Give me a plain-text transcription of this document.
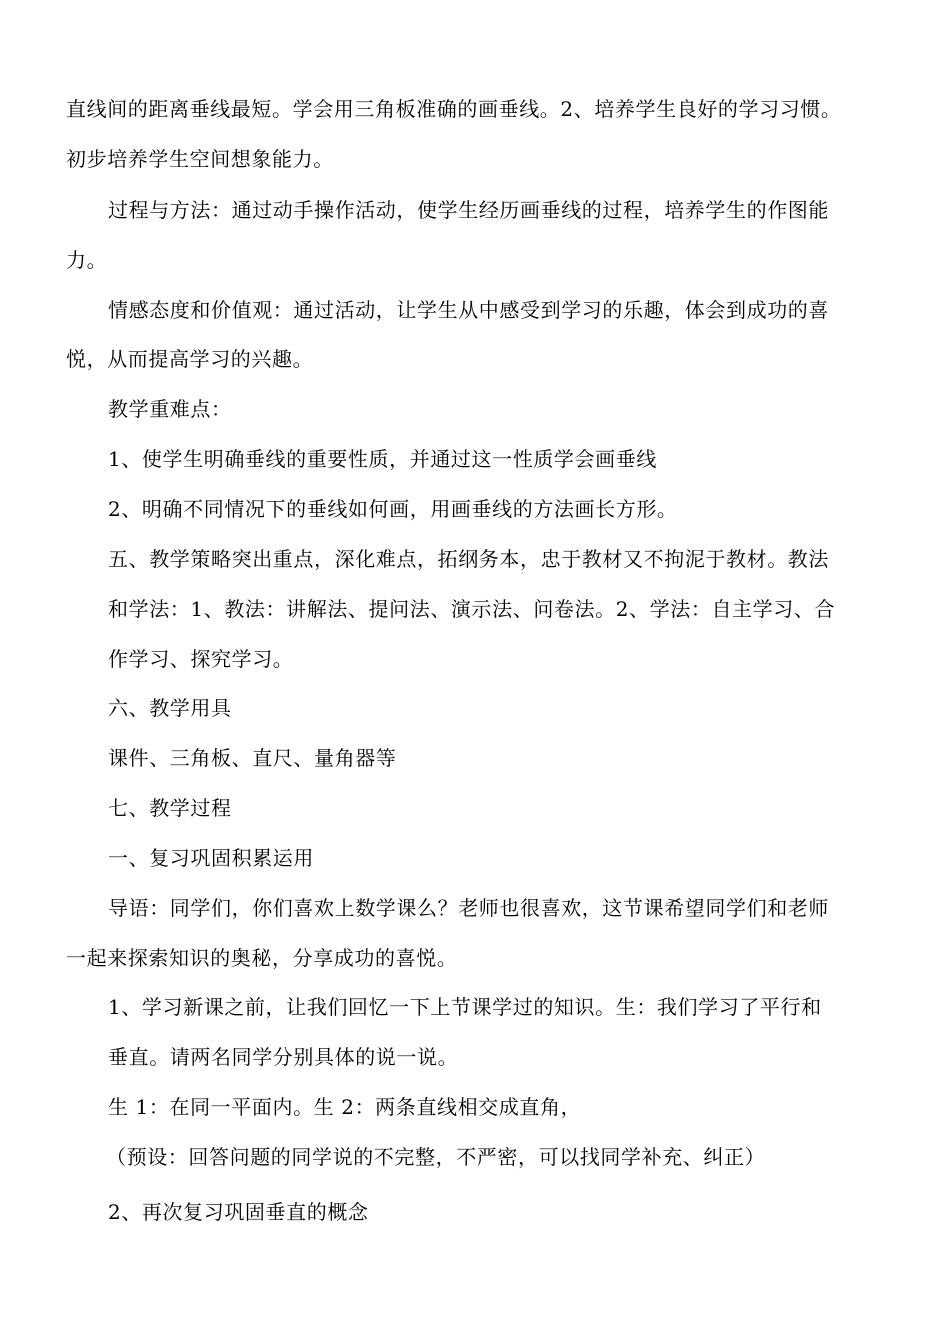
直线间的距离垂线最短。学会用三角板准确的画垂线。2、培养学生良好的学习习惯。
初步培养学生空间想象能力。
过程与方法：通过动手操作活动，使学生经历画垂线的过程，培养学生的作图能
力。
情感态度和价值观：通过活动，让学生从中感受到学习的乐趣，体会到成功的喜
悦，从而提高学习的兴趣。
教学重难点：
1、使学生明确垂线的重要性质，并通过这一性质学会画垂线
2、明确不同情况下的垂线如何画，用画垂线的方法画长方形。
五、教学策略突出重点，深化难点，拓纲务本，忠于教材又不拘泥于教材。教法
和学法：1、教法：讲解法、提问法、演示法、问卷法。2、学法：自主学习、合
作学习、探究学习。
六、教学用具
课件、三角板、直尺、量角器等
七、教学过程
一、复习巩固积累运用
导语：同学们，你们喜欢上数学课么？老师也很喜欢，这节课希望同学们和老师
一起来探索知识的奥秘，分享成功的喜悦。
1、学习新课之前，让我们回忆一下上节课学过的知识。生：我们学习了平行和
垂直。请两名同学分别具体的说一说。
生 1：在同一平面内。生 2：两条直线相交成直角，
（预设：回答问题的同学说的不完整，不严密，可以找同学补充、纠正）
2、再次复习巩固垂直的概念
